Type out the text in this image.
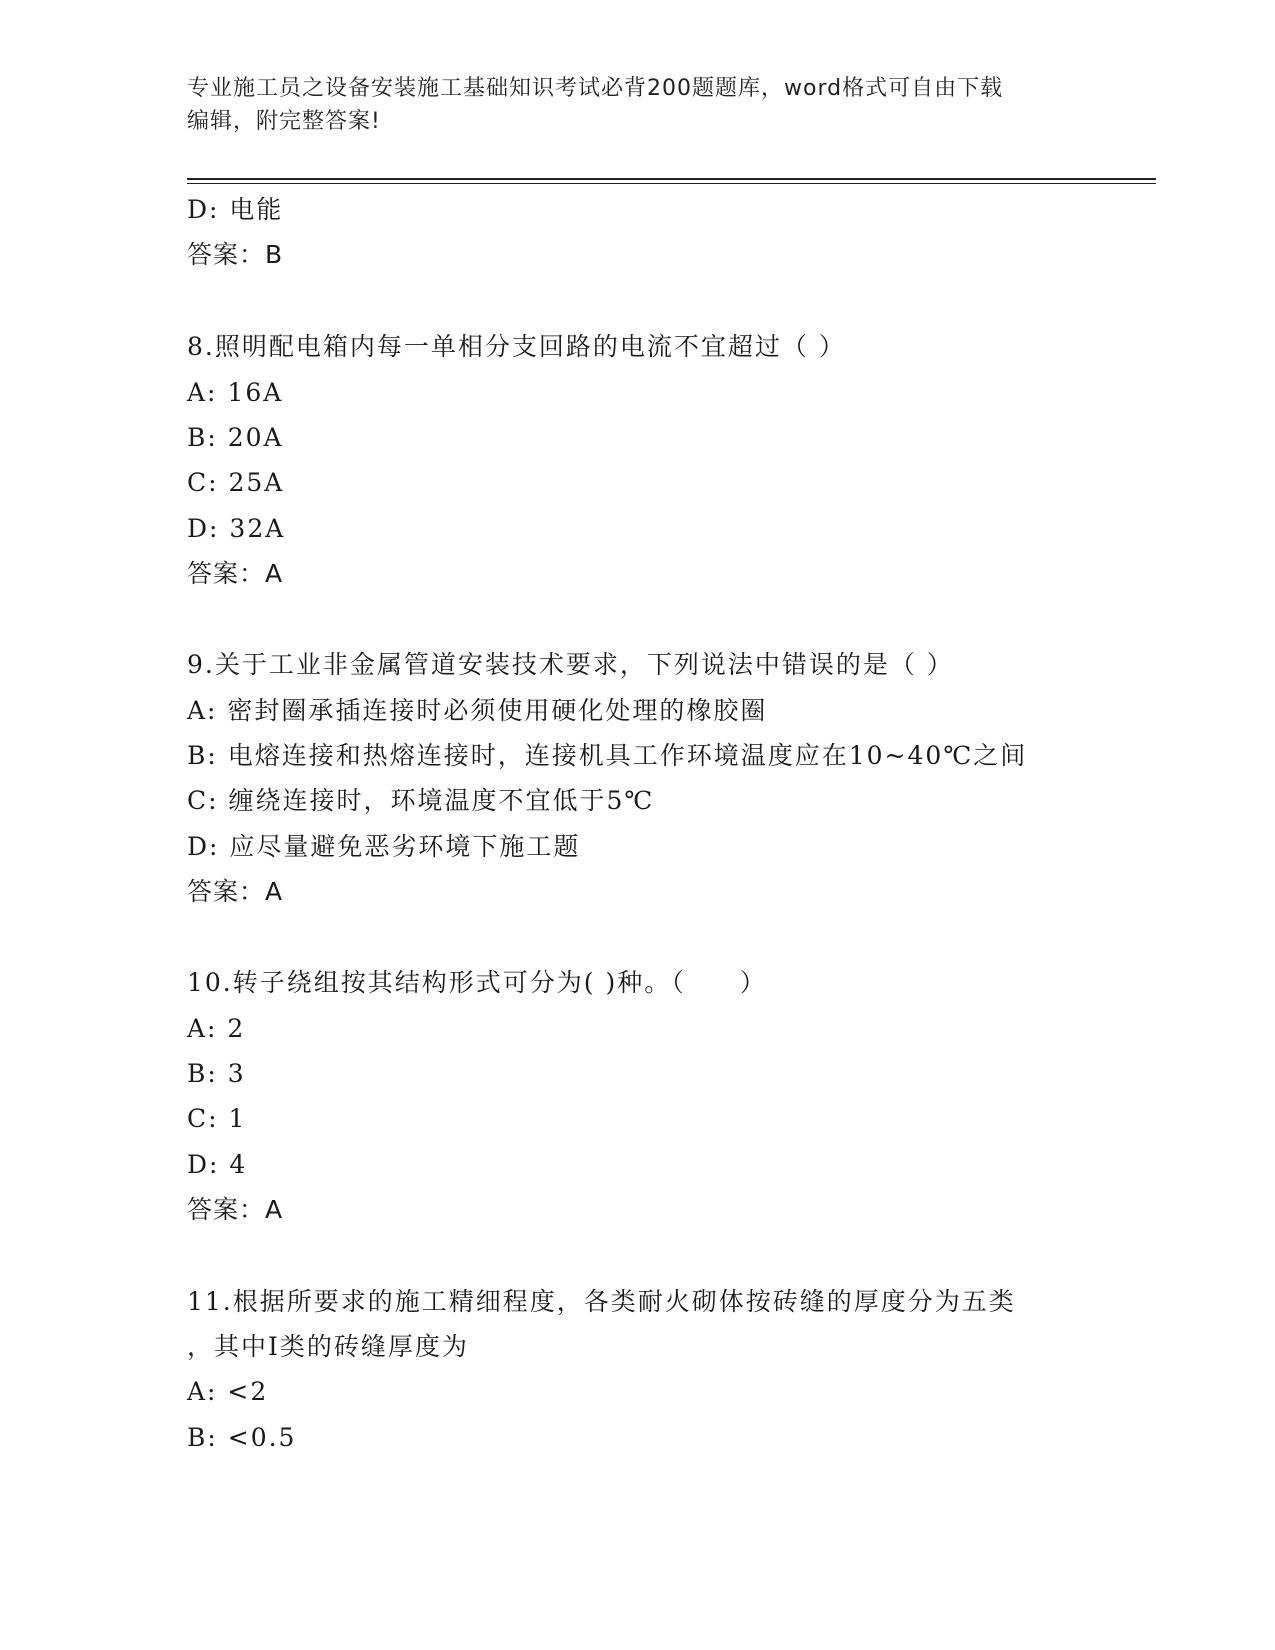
专业施工员之设备安装施工基础知识考试必背200题题库，word格式可自由下载
编辑，附完整答案!
D: 电能
答案：B
8.照明配电箱内每一单相分支回路的电流不宜超过（ ）
A: 16A
B: 20A
C: 25A
D: 32A
答案：A
9.关于工业非金属管道安装技术要求，下列说法中错误的是（ ）
A: 密封圈承插连接时必须使用硬化处理的橡胶圈
B: 电熔连接和热熔连接时，连接机具工作环境温度应在10~40℃之间
C: 缠绕连接时，环境温度不宜低于5℃
D: 应尽量避免恶劣环境下施工题
答案：A
10.转子绕组按其结构形式可分为( )种。（　　）
A: 2
B: 3
C: 1
D: 4
答案：A
11.根据所要求的施工精细程度，各类耐火砌体按砖缝的厚度分为五类
，其中Ⅰ类的砖缝厚度为
A: <2
B: <0.5
